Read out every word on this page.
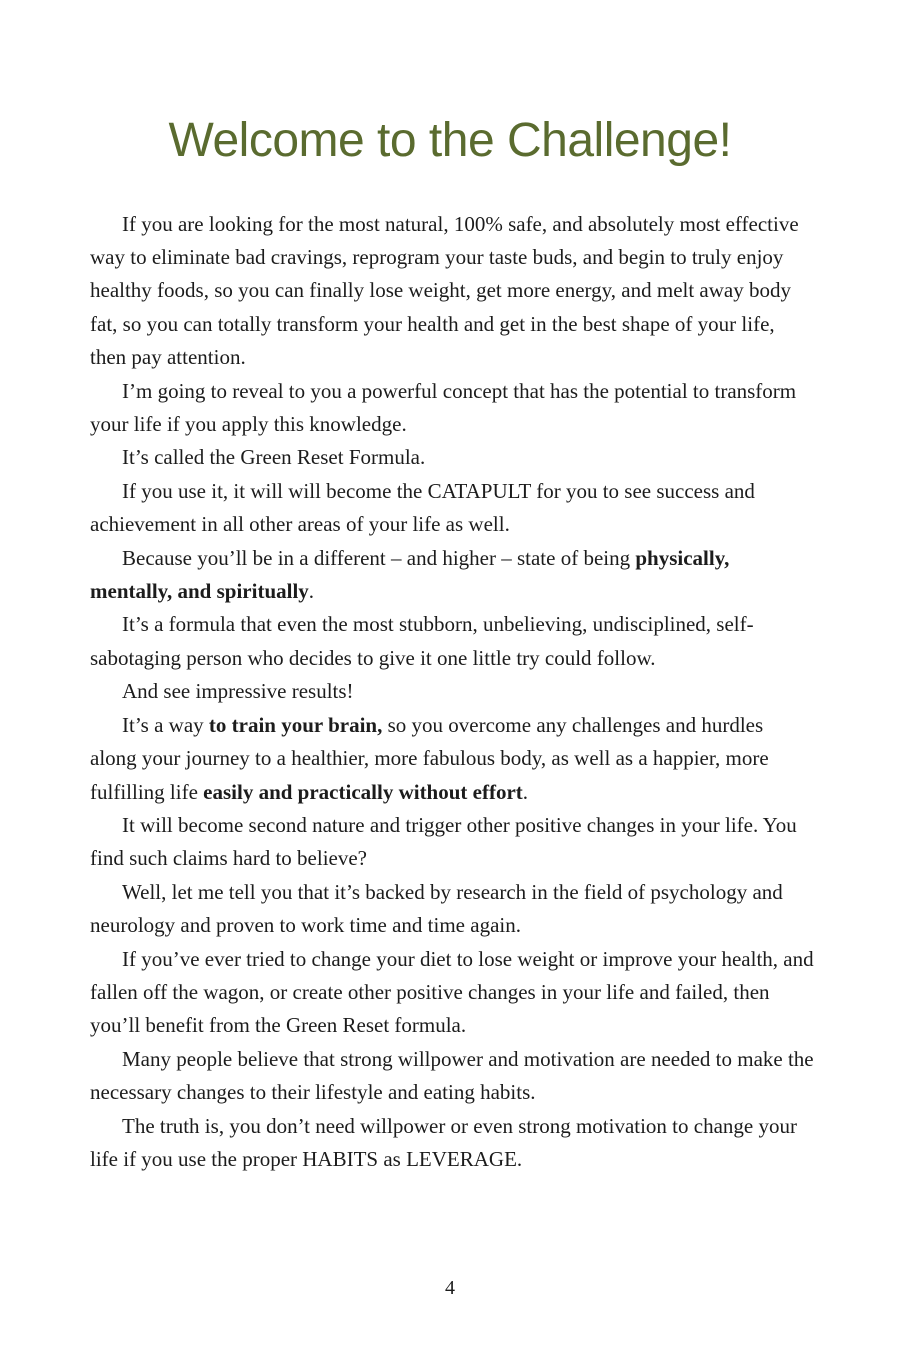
Welcome to the Challenge!

If you are looking for the most natural, 100% safe, and absolutely most effective way to eliminate bad cravings, reprogram your taste buds, and begin to truly enjoy healthy foods, so you can finally lose weight, get more energy, and melt away body fat, so you can totally transform your health and get in the best shape of your life, then pay attention.

I’m going to reveal to you a powerful concept that has the potential to transform your life if you apply this knowledge.

It’s called the Green Reset Formula.

If you use it, it will will become the CATAPULT for you to see success and achievement in all other areas of your life as well.

Because you’ll be in a different – and higher – state of being physically, mentally, and spiritually.

It’s a formula that even the most stubborn, unbelieving, undisciplined, self-sabotaging person who decides to give it one little try could follow.

And see impressive results!

It’s a way to train your brain, so you overcome any challenges and hurdles along your journey to a healthier, more fabulous body, as well as a happier, more fulfilling life easily and practically without effort.

It will become second nature and trigger other positive changes in your life. You find such claims hard to believe?

Well, let me tell you that it’s backed by research in the field of psychology and neurology and proven to work time and time again.

If you’ve ever tried to change your diet to lose weight or improve your health, and fallen off the wagon, or create other positive changes in your life and failed, then you’ll benefit from the Green Reset formula.

Many people believe that strong willpower and motivation are needed to make the necessary changes to their lifestyle and eating habits.

The truth is, you don’t need willpower or even strong motivation to change your life if you use the proper HABITS as LEVERAGE.

4
